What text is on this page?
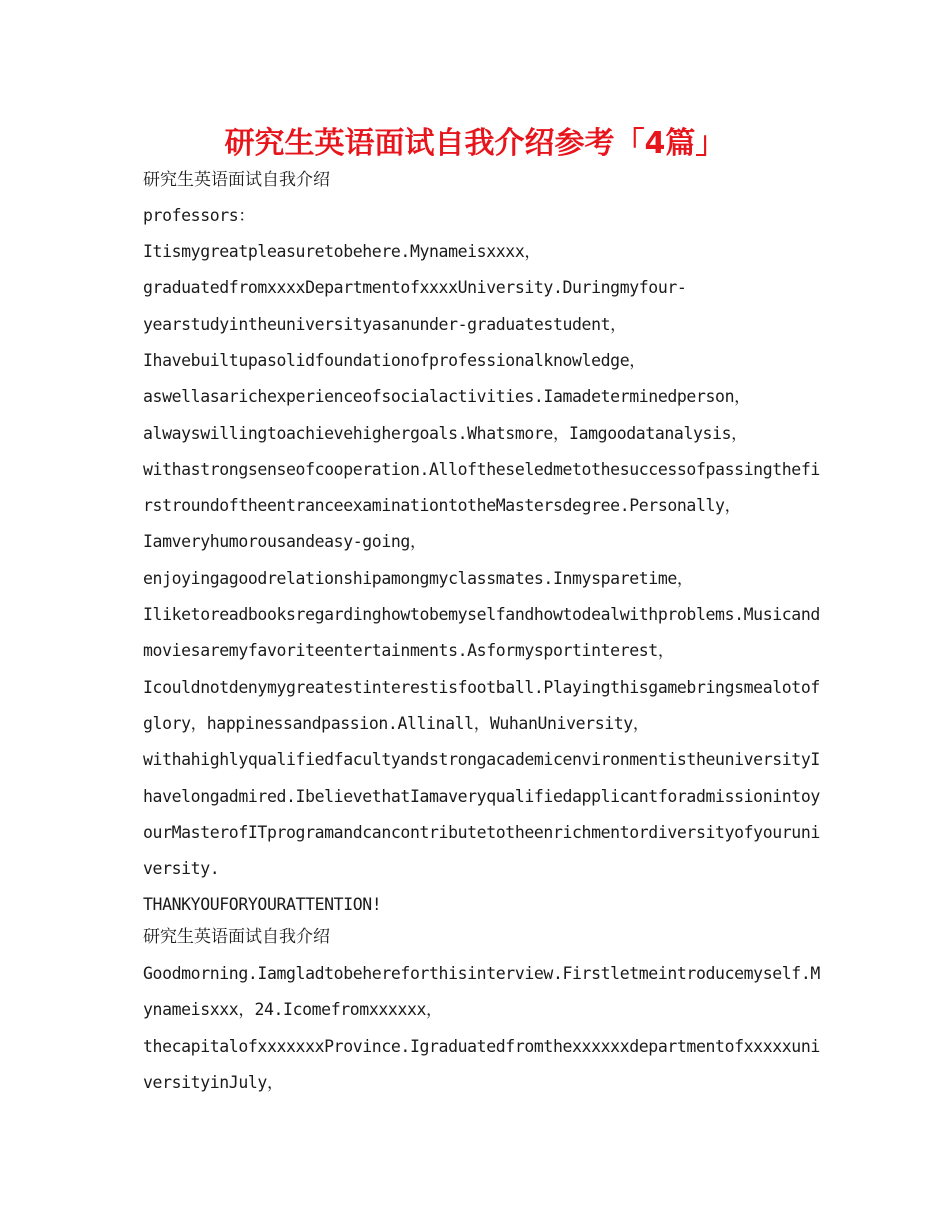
研究生英语面试自我介绍参考「4篇」
研究生英语面试自我介绍
professors：
Itismygreatpleasuretobehere.Mynameisxxxx，
graduatedfromxxxxDepartmentofxxxxUniversity.Duringmyfour-
yearstudyintheuniversityasanunder-graduatestudent，
Ihavebuiltupasolidfoundationofprofessionalknowledge，
aswellasarichexperienceofsocialactivities.Iamadeterminedperson，
alwayswillingtoachievehighergoals.Whatsmore，Iamgoodatanalysis，
withastrongsenseofcooperation.Alloftheseledmetothesuccessofpassingthefi
rstroundoftheentranceexaminationtotheMastersdegree.Personally，
Iamveryhumorousandeasy-going，
enjoyingagoodrelationshipamongmyclassmates.Inmysparetime，
Iliketoreadbooksregardinghowtobemyselfandhowtodealwithproblems.Musicand
moviesaremyfavoriteentertainments.Asformysportinterest，
Icouldnotdenymygreatestinterestisfootball.Playingthisgamebringsmealotof
glory，happinessandpassion.Allinall，WuhanUniversity，
withahighlyqualifiedfacultyandstrongacademicenvironmentistheuniversityI
havelongadmired.IbelievethatIamaveryqualifiedapplicantforadmissionintoy
ourMasterofITprogramandcancontributetotheenrichmentordiversityofyouruni
versity.
THANKYOUFORYOURATTENTION!
研究生英语面试自我介绍
Goodmorning.Iamgladtobehereforthisinterview.Firstletmeintroducemyself.M
ynameisxxx，24.Icomefromxxxxxx，
thecapitalofxxxxxxxProvince.Igraduatedfromthexxxxxxdepartmentofxxxxxuni
versityinJuly，
